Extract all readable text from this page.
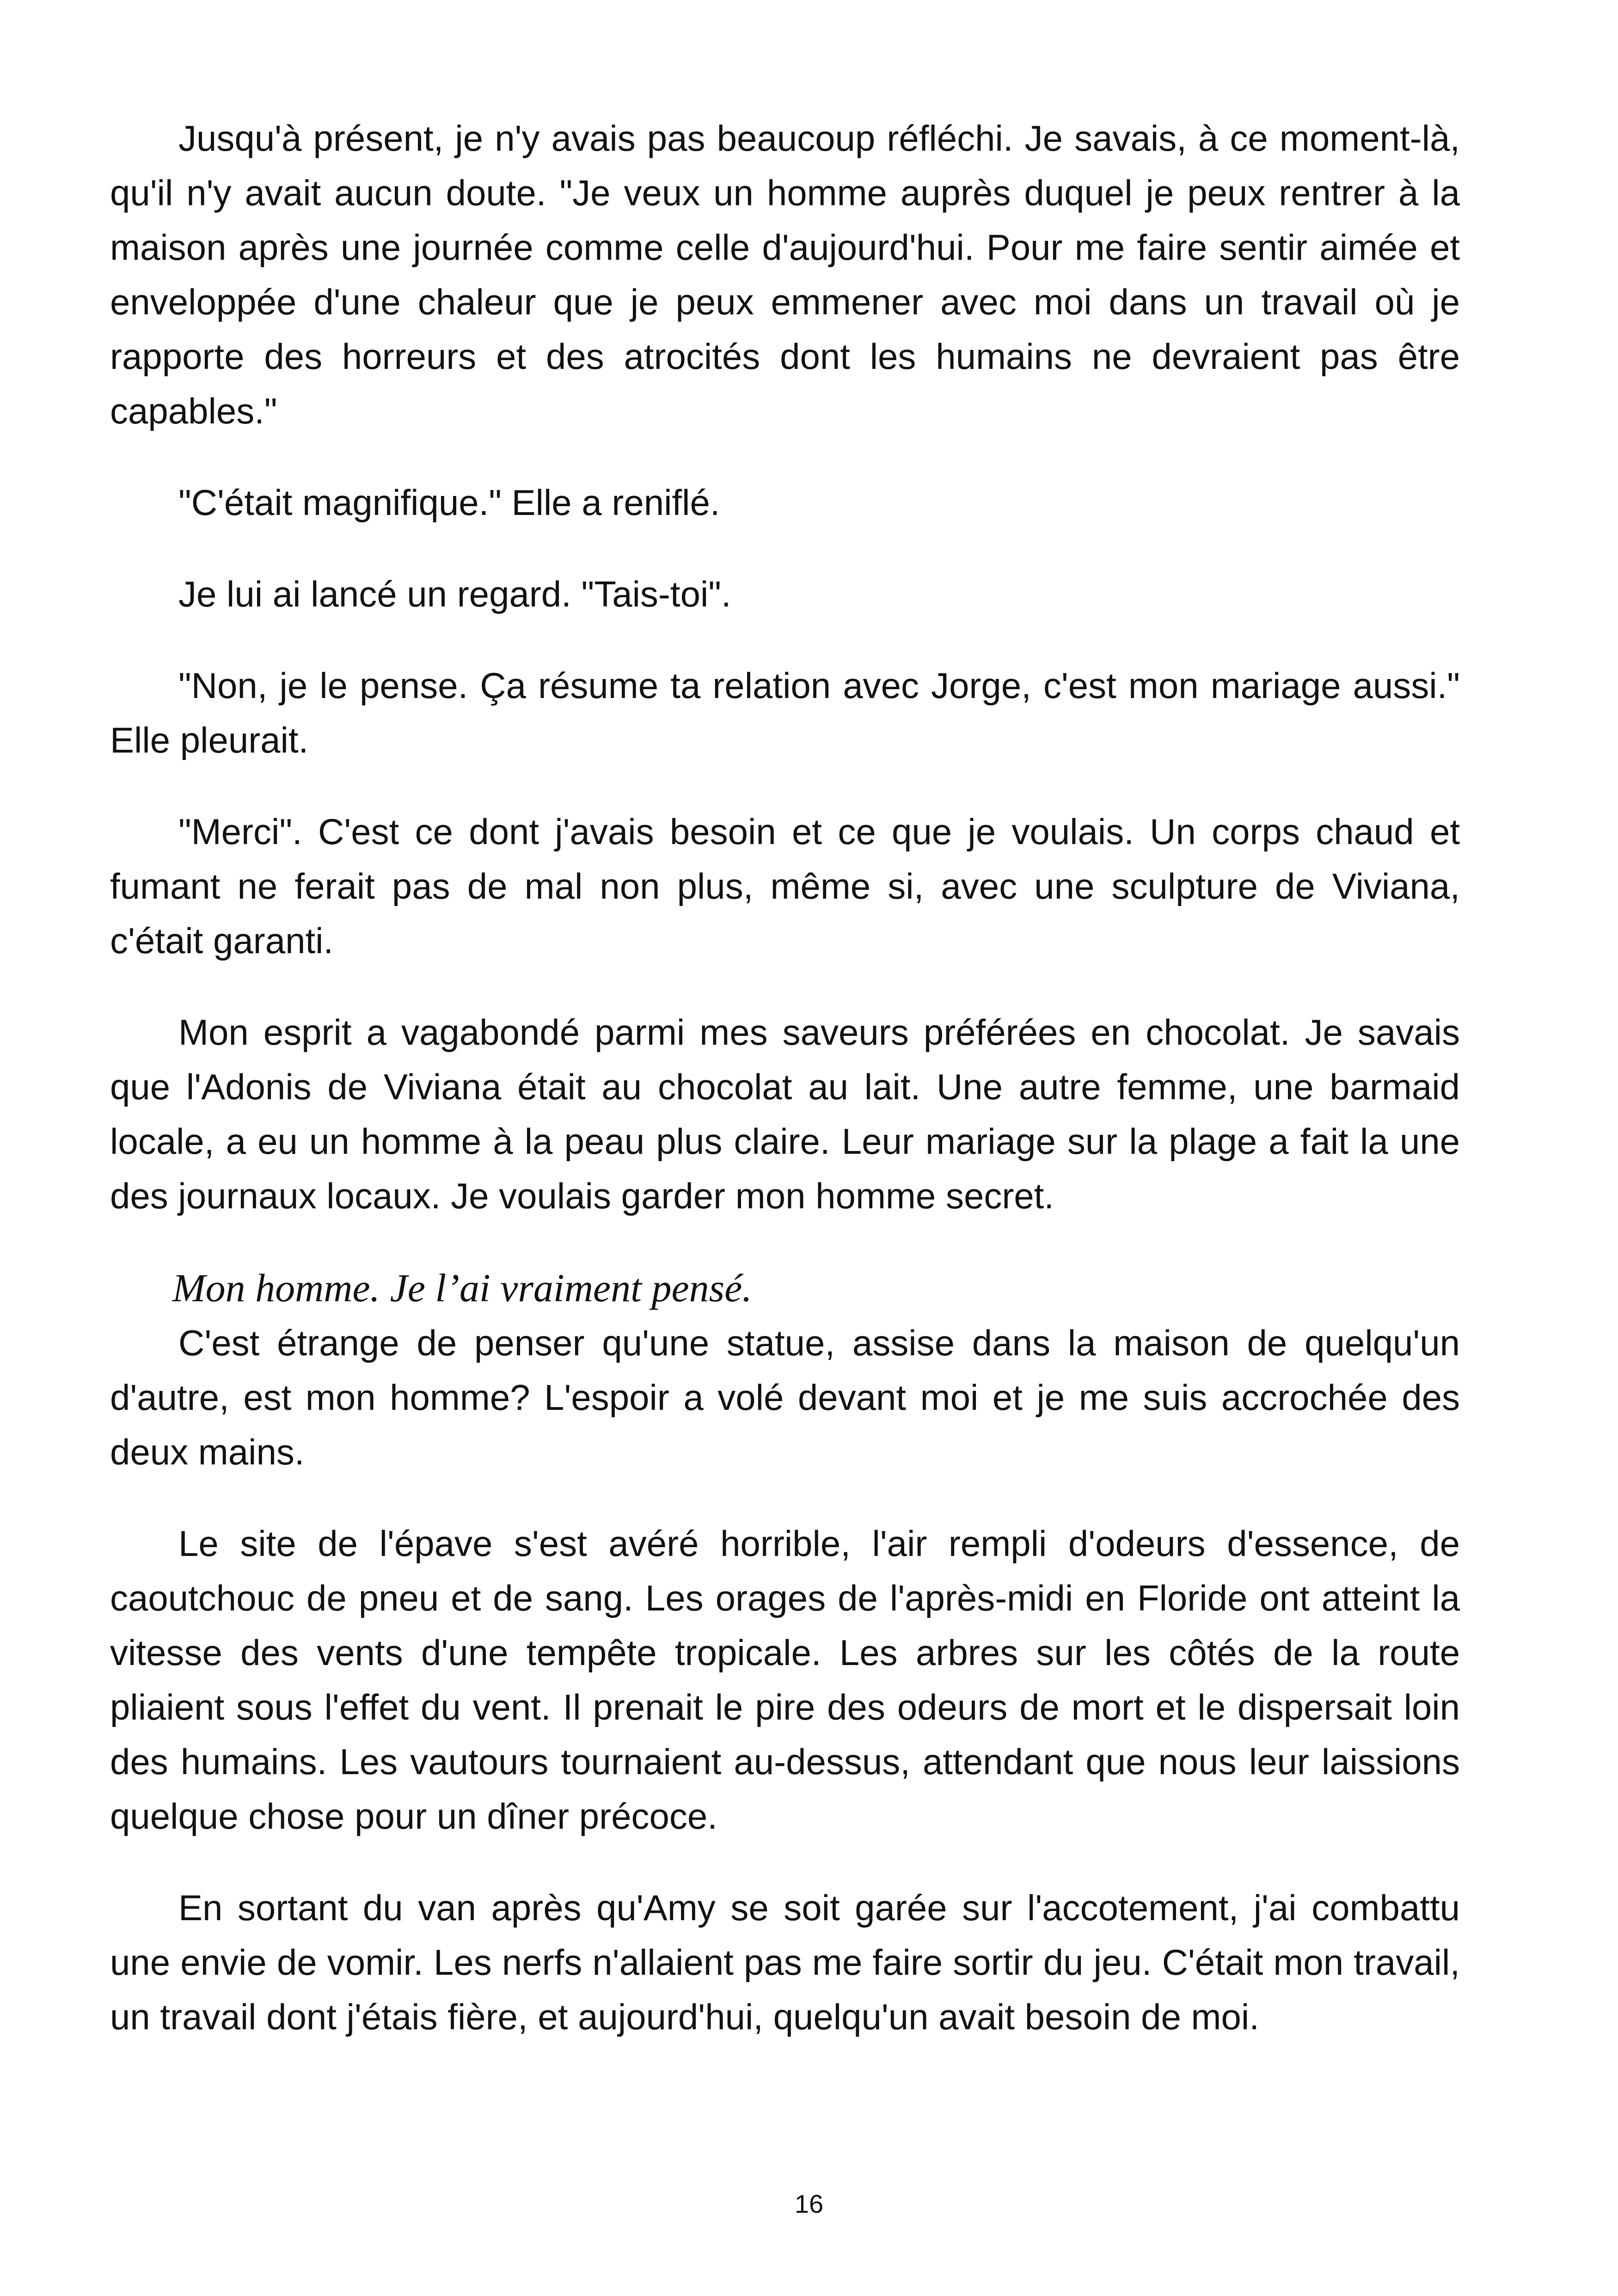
Jusqu'à présent, je n'y avais pas beaucoup réfléchi. Je savais, à ce moment-là, qu'il n'y avait aucun doute. "Je veux un homme auprès duquel je peux rentrer à la maison après une journée comme celle d'aujourd'hui. Pour me faire sentir aimée et enveloppée d'une chaleur que je peux emmener avec moi dans un travail où je rapporte des horreurs et des atrocités dont les humains ne devraient pas être capables."

"C'était magnifique." Elle a reniflé.

Je lui ai lancé un regard. "Tais-toi".

"Non, je le pense. Ça résume ta relation avec Jorge, c'est mon mariage aussi." Elle pleurait.

"Merci". C'est ce dont j'avais besoin et ce que je voulais. Un corps chaud et fumant ne ferait pas de mal non plus, même si, avec une sculpture de Viviana, c'était garanti.

Mon esprit a vagabondé parmi mes saveurs préférées en chocolat. Je savais que l'Adonis de Viviana était au chocolat au lait. Une autre femme, une barmaid locale, a eu un homme à la peau plus claire. Leur mariage sur la plage a fait la une des journaux locaux. Je voulais garder mon homme secret.

Mon homme. Je l’ai vraiment pensé.

C'est étrange de penser qu'une statue, assise dans la maison de quelqu'un d'autre, est mon homme? L'espoir a volé devant moi et je me suis accrochée des deux mains.

Le site de l'épave s'est avéré horrible, l'air rempli d'odeurs d'essence, de caoutchouc de pneu et de sang. Les orages de l'après-midi en Floride ont atteint la vitesse des vents d'une tempête tropicale. Les arbres sur les côtés de la route pliaient sous l'effet du vent. Il prenait le pire des odeurs de mort et le dispersait loin des humains. Les vautours tournaient au-dessus, attendant que nous leur laissions quelque chose pour un dîner précoce.

En sortant du van après qu'Amy se soit garée sur l'accotement, j'ai combattu une envie de vomir. Les nerfs n'allaient pas me faire sortir du jeu. C'était mon travail, un travail dont j'étais fière, et aujourd'hui, quelqu'un avait besoin de moi.

16
